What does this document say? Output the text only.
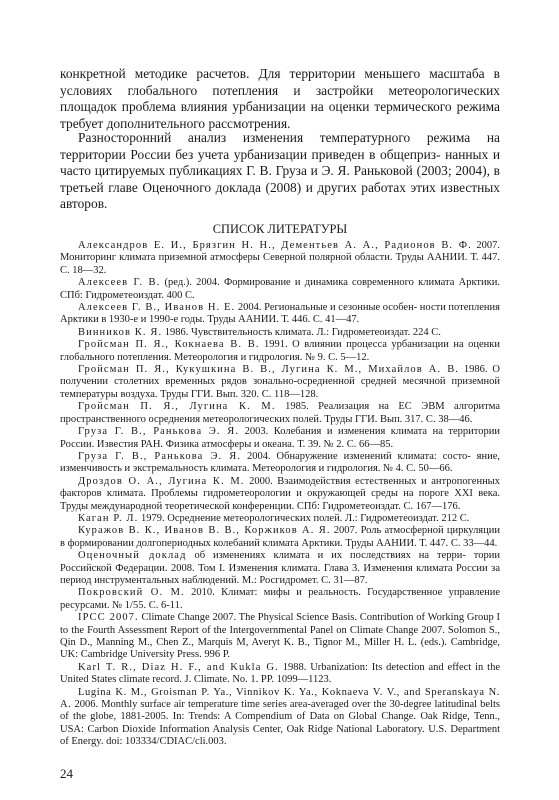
конкретной методике расчетов. Для территории меньшего масштаба в условиях глобального потепления и застройки метеорологических площадок проблема влияния урбанизации на оценки термического режима требует дополнительного рассмотрения.

Разносторонний анализ изменения температурного режима на территории России без учета урбанизации приведен в общеприз- нанных и часто цитируемых публикациях Г. В. Груза и Э. Я. Раньковой (2003; 2004), в третьей главе Оценочного доклада (2008) и других работах этих известных авторов.

СПИСОК ЛИТЕРАТУРЫ
Александров Е. И., Брязгин Н. Н., Дементьев А. А., Радионов В. Ф. 2007. Мониторинг климата приземной атмосферы Северной полярной области. Труды ААНИИ. Т. 447. С. 18—32.
Алексеев Г. В. (ред.). 2004. Формирование и динамика современного климата Арктики. СПб: Гидрометеоиздат. 400 С.
Алексеев Г. В., Иванов Н. Е. 2004. Региональные и сезонные особен- ности потепления Арктики в 1930-е и 1990-е годы. Труды ААНИИ. Т. 446. С. 41—47.
Винников К. Я. 1986. Чувствительность климата. Л.: Гидрометеоиздат. 224 С.
Гройсман П. Я., Кокнаева В. В. 1991. О влиянии процесса урбанизации на оценки глобального потепления. Метеорология и гидрология. № 9. С. 5—12.
Гройсман П. Я., Кукушкина В. В., Лугина К. М., Михайлов А. В. 1986. О получении столетних временных рядов зонально-осредненной средней месячной приземной температуры воздуха. Труды ГГИ. Вып. 320. С. 118—128.
Гройсман П. Я., Лугина К. М. 1985. Реализация на ЕС ЭВМ алгоритма пространственного осреднения метеорологических полей. Труды ГГИ. Вып. 317. С. 38—46.
Груза Г. В., Ранькова Э. Я. 2003. Колебания и изменения климата на территории России. Известия РАН. Физика атмосферы и океана. Т. 39. № 2. С. 66—85.
Груза Г. В., Ранькова Э. Я. 2004. Обнаружение изменений климата: состо- яние, изменчивость и экстремальность климата. Метеорология и гидрология. № 4. С. 50—66.
Дроздов О. А., Лугина К. М. 2000. Взаимодействия естественных и антропогенных факторов климата. Проблемы гидрометеорологии и окружающей среды на пороге XXI века. Труды международной теоретической конференции. СПб: Гидрометеоиздат. С. 167—176.
Каган Р. Л. 1979. Осреднение метеорологических полей. Л.: Гидрометеоиздат. 212 С.
Куражов В. К., Иванов В. В., Коржиков А. Я. 2007. Роль атмосферной циркуляции в формировании долгопериодных колебаний климата Арктики. Труды ААНИИ. Т. 447. С. 33—44.
Оценочный доклад об изменениях климата и их последствиях на терри- тории Российской Федерации. 2008. Том I. Изменения климата. Глава 3. Изменения климата России за период инструментальных наблюдений. М.: Росгидромет. С. 31—87.
Покровский О. М. 2010. Климат: мифы и реальность. Государственное управление ресурсами. № 1/55. С. 6-11.
IPCC 2007. Climate Change 2007. The Physical Science Basis. Contribution of Working Group I to the Fourth Assessment Report of the Intergovernmental Panel on Climate Change 2007. Solomon S., Qin D., Manning M., Chen Z., Marquis M, Averyt K. B., Tignor M., Miller H. L. (eds.). Cambridge, UK: Cambridge University Press. 996 P.
Karl T. R., Diaz H. F., and Kukla G. 1988. Urbanization: Its detection and effect in the United States climate record. J. Climate. No. 1. PP. 1099—1123.
Lugina K. M., Groisman P. Ya., Vinnikov K. Ya., Koknaeva V. V., and Speranskaya N. A. 2006. Monthly surface air temperature time series area-averaged over the 30-degree latitudinal belts of the globe, 1881-2005. In: Trends: A Compendium of Data on Global Change. Oak Ridge, Tenn., USA: Carbon Dioxide Information Analysis Center, Oak Ridge National Laboratory. U.S. Department of Energy. doi: 103334/CDIAC/cli.003.
24
